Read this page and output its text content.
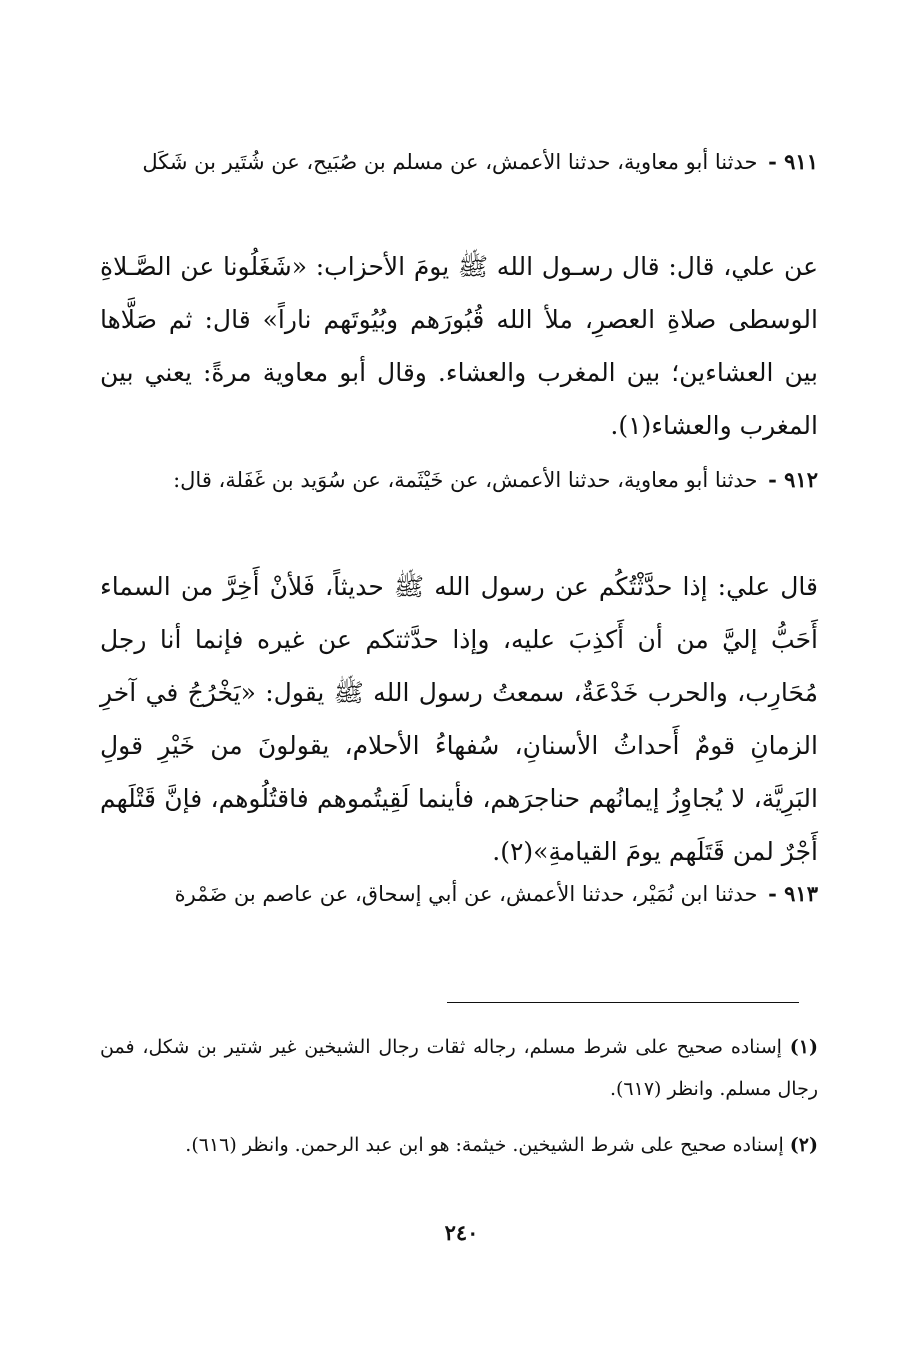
٩١١ - حدثنا أبو معاوية، حدثنا الأعمش، عن مسلم بن صُبَيح، عن شُتَير بن شَكَل
عن علي، قال: قال رسـول الله ﷺ يومَ الأحزاب: «شَغَلُونا عن الصَّـلاةِ الوسطى صلاةِ العصرِ، ملأ الله قُبُورَهم وبُيُوتَهم ناراً» قال: ثم صَلَّاها بين العشاءين؛ بين المغرب والعشاء. وقال أبو معاوية مرةً: يعني بين المغرب والعشاء(١).
٩١٢ - حدثنا أبو معاوية، حدثنا الأعمش، عن خَيْثَمة، عن سُوَيد بن غَفَلة، قال:
قال علي: إذا حدَّثْتُكُم عن رسول الله ﷺ حديثاً، فَلأنْ أَخِرَّ من السماء أَحَبُّ إليَّ من أن أَكذِبَ عليه، وإذا حدَّثتكم عن غيره فإنما أنا رجل مُحَارِب، والحرب خَدْعَةٌ، سمعتُ رسول الله ﷺ يقول: «يَخْرُجُ في آخرِ الزمانِ قومٌ أَحداثُ الأسنانِ، سُفهاءُ الأحلام، يقولونَ من خَيْرِ قولِ البَرِيَّة، لا يُجاوِزُ إيمانُهم حناجرَهم، فأينما لَقِيتُموهم فاقتُلُوهم، فإنَّ قَتْلَهم أَجْرٌ لمن قَتَلَهم يومَ القيامةِ»(٢).
٩١٣ - حدثنا ابن نُمَيْر، حدثنا الأعمش، عن أبي إسحاق، عن عاصم بن ضَمْرة
(١) إسناده صحيح على شرط مسلم، رجاله ثقات رجال الشيخين غير شتير بن شكل، فمن رجال مسلم. وانظر (٦١٧).
(٢) إسناده صحيح على شرط الشيخين. خيثمة: هو ابن عبد الرحمن. وانظر (٦١٦).
٢٤٠
